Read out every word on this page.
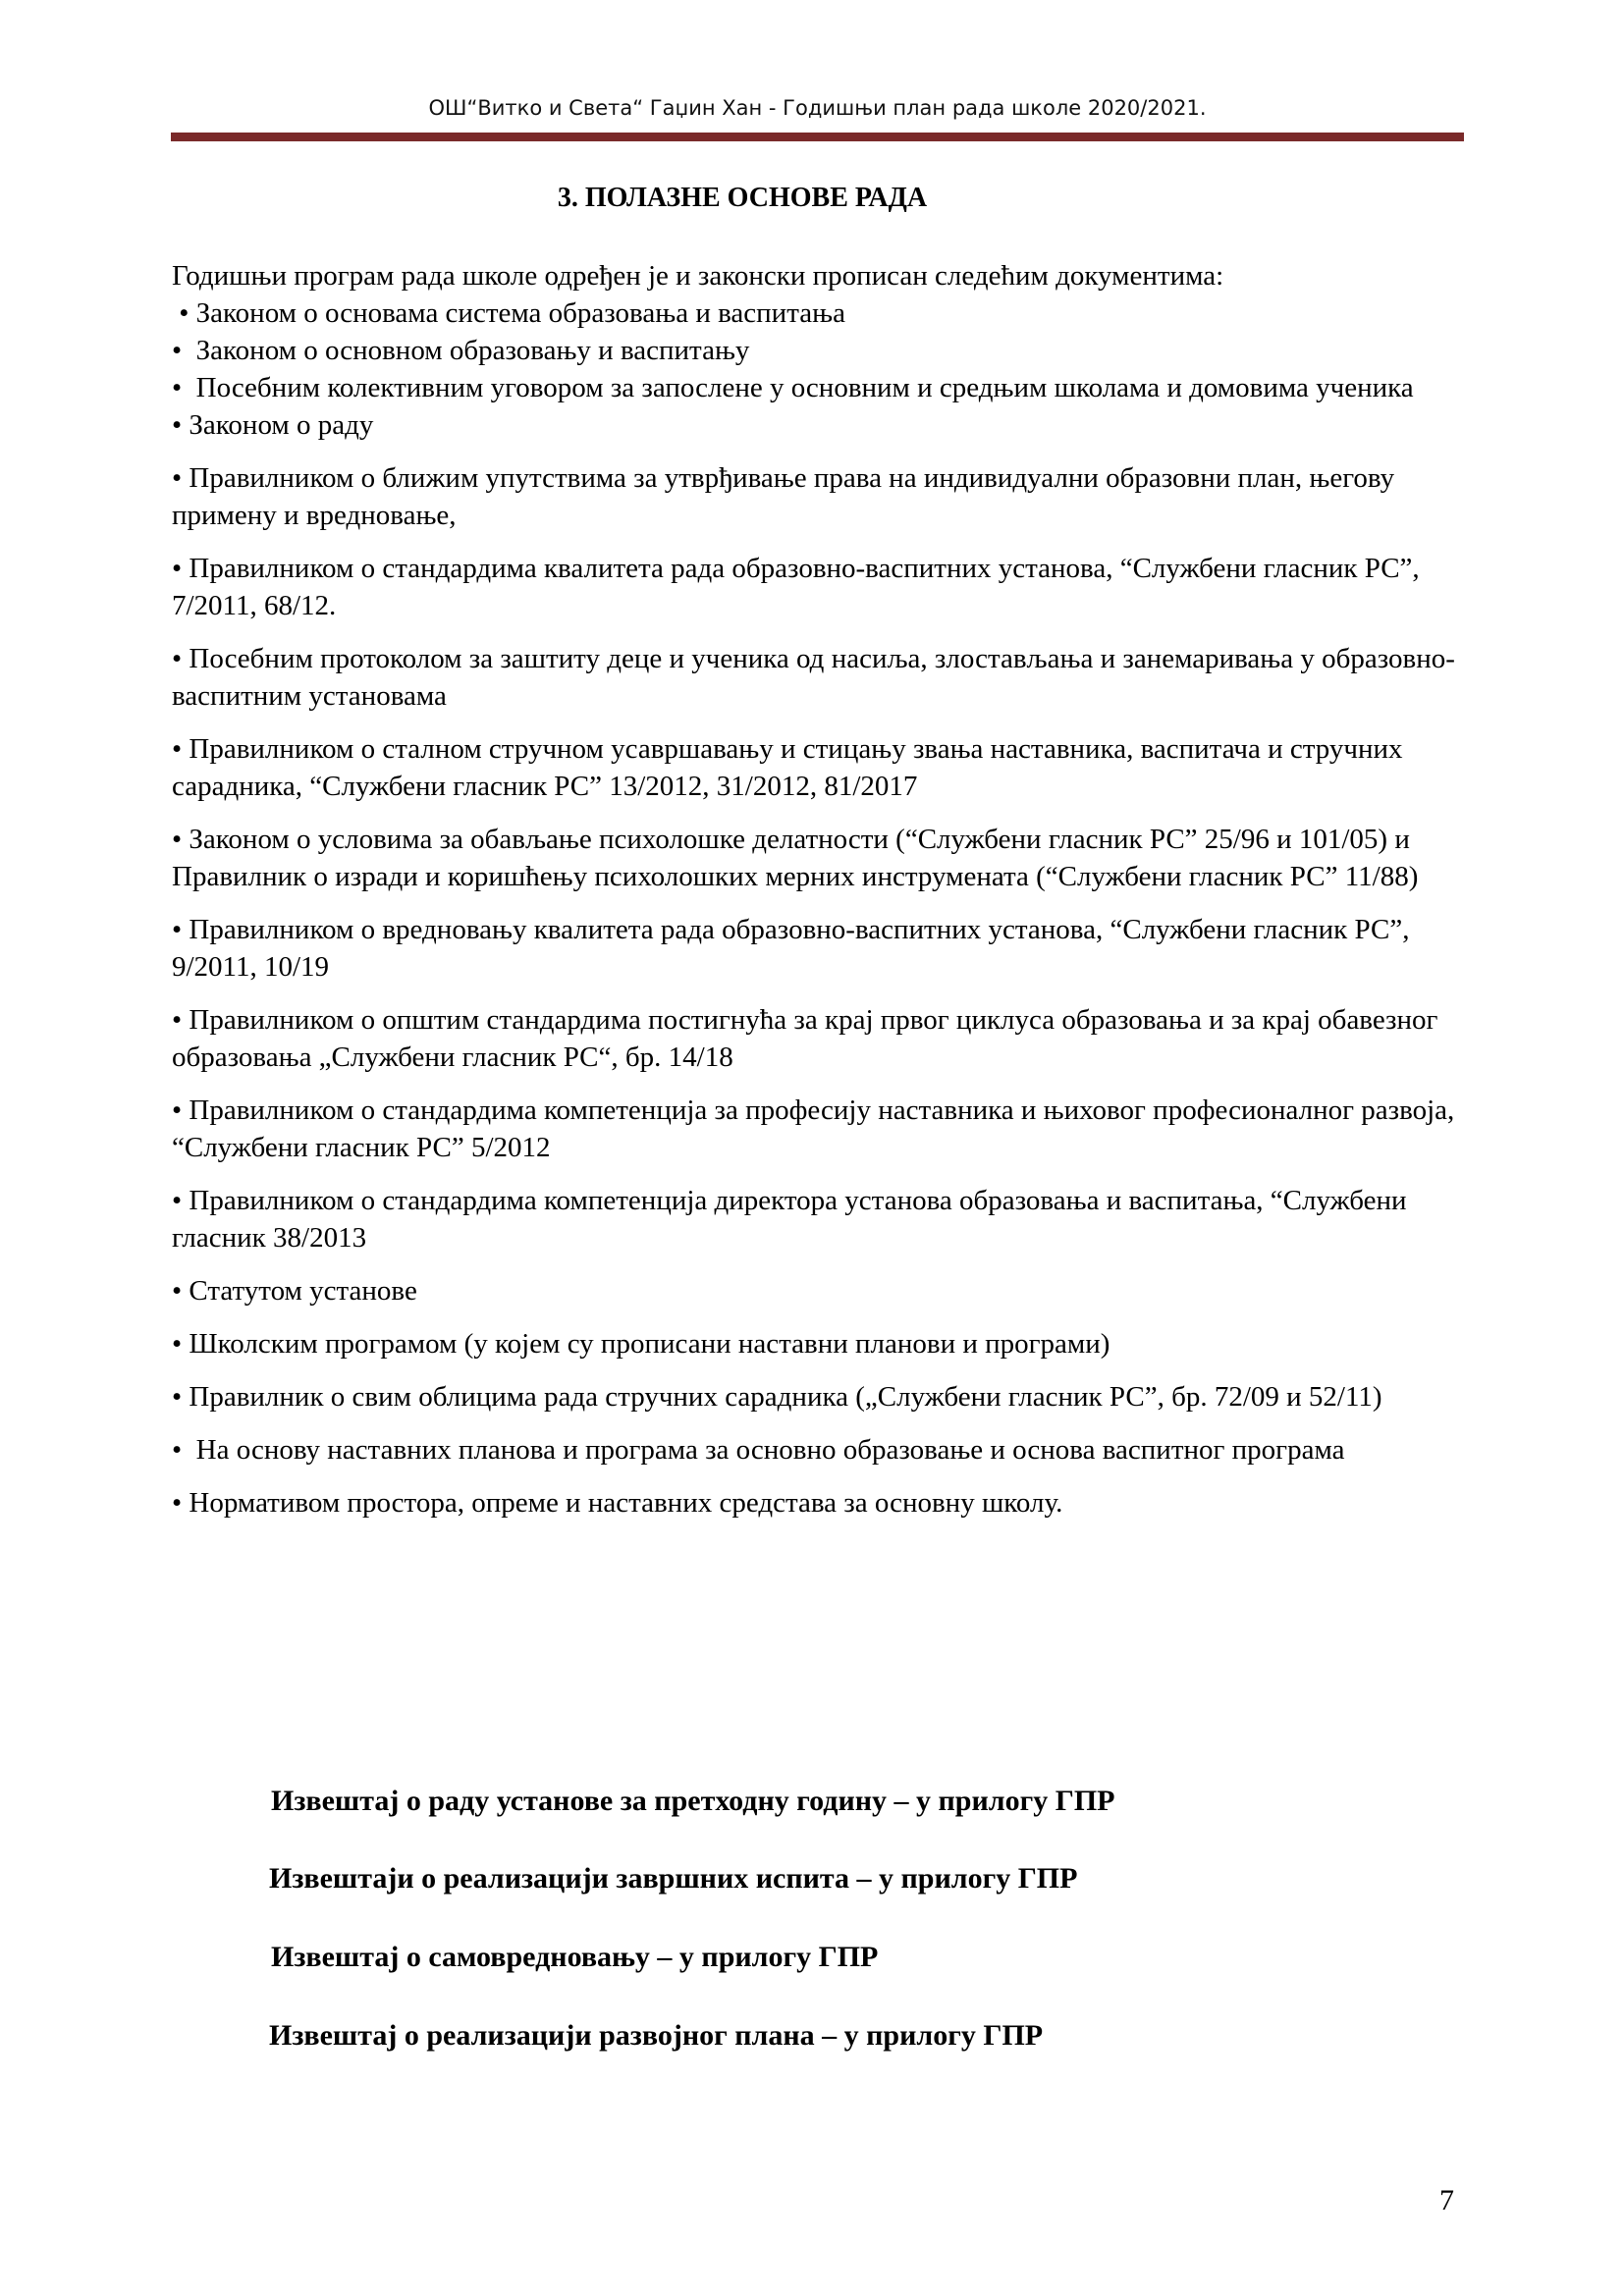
ОШ“Витко и Света“ Гаџин Хан - Годишњи план рада школе 2020/2021.
3. ПОЛАЗНЕ ОСНОВЕ РАДА

Годишњи програм рада школе одређен је и законски прописан следећим документима:

• Законом о основама система образовања и васпитања

• Законом о основном образовању и васпитању

• Посебним колективним уговором за запослене у основним и средњим школама и домовима ученика

• Законом о раду

• Правилником о ближим упутствима за утврђивање права на индивидуални образовни план, његову примену и вредновање,

• Правилником о стандардима квалитета рада образовно-васпитних установа, “Службени гласник РС”, 7/2011, 68/12.

• Посебним протоколом за заштиту деце и ученика од насиља, злостављања и занемаривања у образовно-васпитним установама

• Правилником о сталном стручном усавршавању и стицању звања наставника, васпитача и стручних сарадника, “Службени гласник РС” 13/2012, 31/2012, 81/2017

• Законом о условима за обављање психолошке делатности (“Службени гласник РС” 25/96 и 101/05) и Правилник о изради и коришћењу психолошких мерних инструмената (“Службени гласник РС” 11/88)

• Правилником о вредновању квалитета рада образовно-васпитних установа, “Службени гласник РС”, 9/2011, 10/19

• Правилником о општим стандардима постигнућа за крај првог циклуса образовања и за крај обавезног образовања „Службени гласник РС“, бр. 14/18

• Правилником о стандардима компетенција за професију наставника и њиховог професионалног развоја, “Службени гласник РС” 5/2012

• Правилником о стандардима компетенција директора установа образовања и васпитања, “Службени гласник 38/2013

• Статутом установе

• Школским програмом (у којем су прописани наставни планови и програми)

• Правилник о свим облицима рада стручних сарадника („Службени гласник РС”, бр. 72/09 и 52/11)

• На основу наставних планова и програма за основно образовање и основа васпитног програма

• Нормативом простора, опреме и наставних средстава за основну школу.

Извештај о раду установе за претходну годину – у прилогу ГПР
Извештаји о реализацији завршних испита – у прилогу ГПР
Извештај о самовредновању – у прилогу ГПР
Извештај о реализацији развојног плана – у прилогу ГПР
7
